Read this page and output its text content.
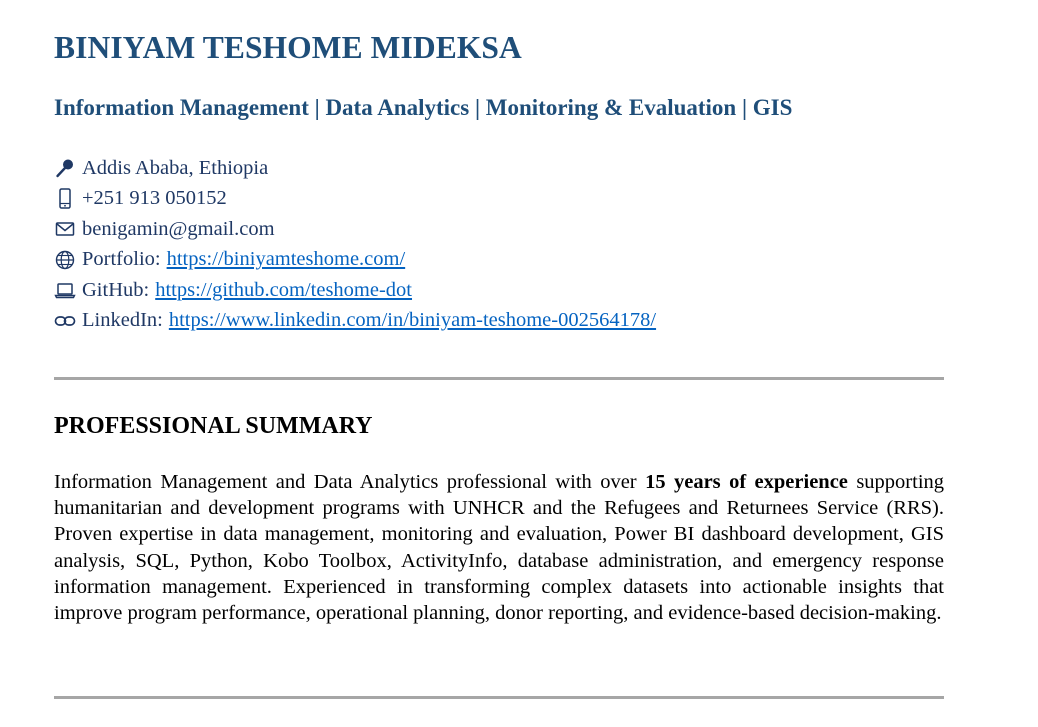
BINIYAM TESHOME MIDEKSA
Information Management | Data Analytics | Monitoring & Evaluation | GIS
Addis Ababa, Ethiopia
+251 913 050152
benigamin@gmail.com
Portfolio: https://biniyamteshome.com/
GitHub: https://github.com/teshome-dot
LinkedIn: https://www.linkedin.com/in/biniyam-teshome-002564178/
PROFESSIONAL SUMMARY

Information Management and Data Analytics professional with over 15 years of experience supporting humanitarian and development programs with UNHCR and the Refugees and Returnees Service (RRS). Proven expertise in data management, monitoring and evaluation, Power BI dashboard development, GIS analysis, SQL, Python, Kobo Toolbox, ActivityInfo, database administration, and emergency response information management. Experienced in transforming complex datasets into actionable insights that improve program performance, operational planning, donor reporting, and evidence-based decision-making.
